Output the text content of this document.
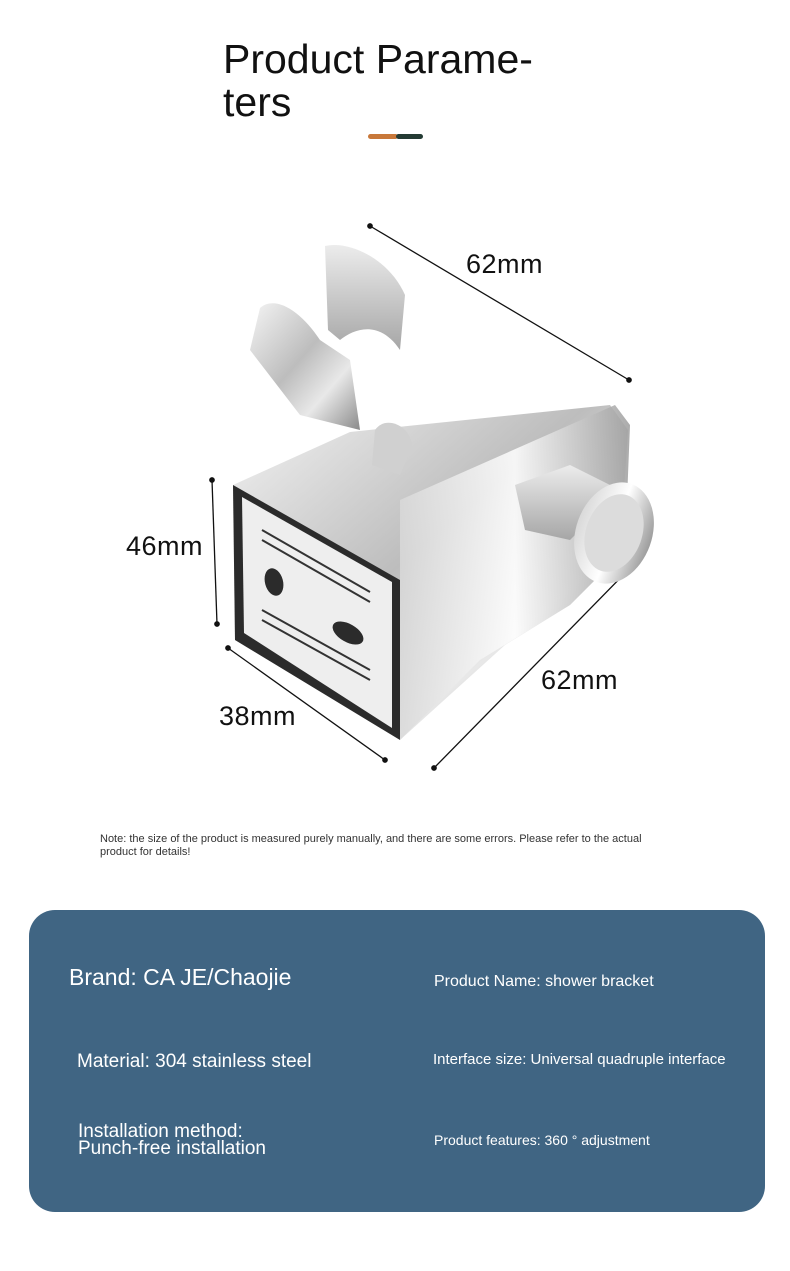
Product Parame-ters
62mm
46mm
38mm
62mm
Note: the size of the product is measured purely manually, and there are some errors. Please refer to the actual product for details!
Brand: CA JE/Chaojie	Product Name: shower bracket
Material: 304 stainless steel	Interface size: Universal quadruple interface
Installation method: Punch-free installation	Product features: 360 ° adjustment
